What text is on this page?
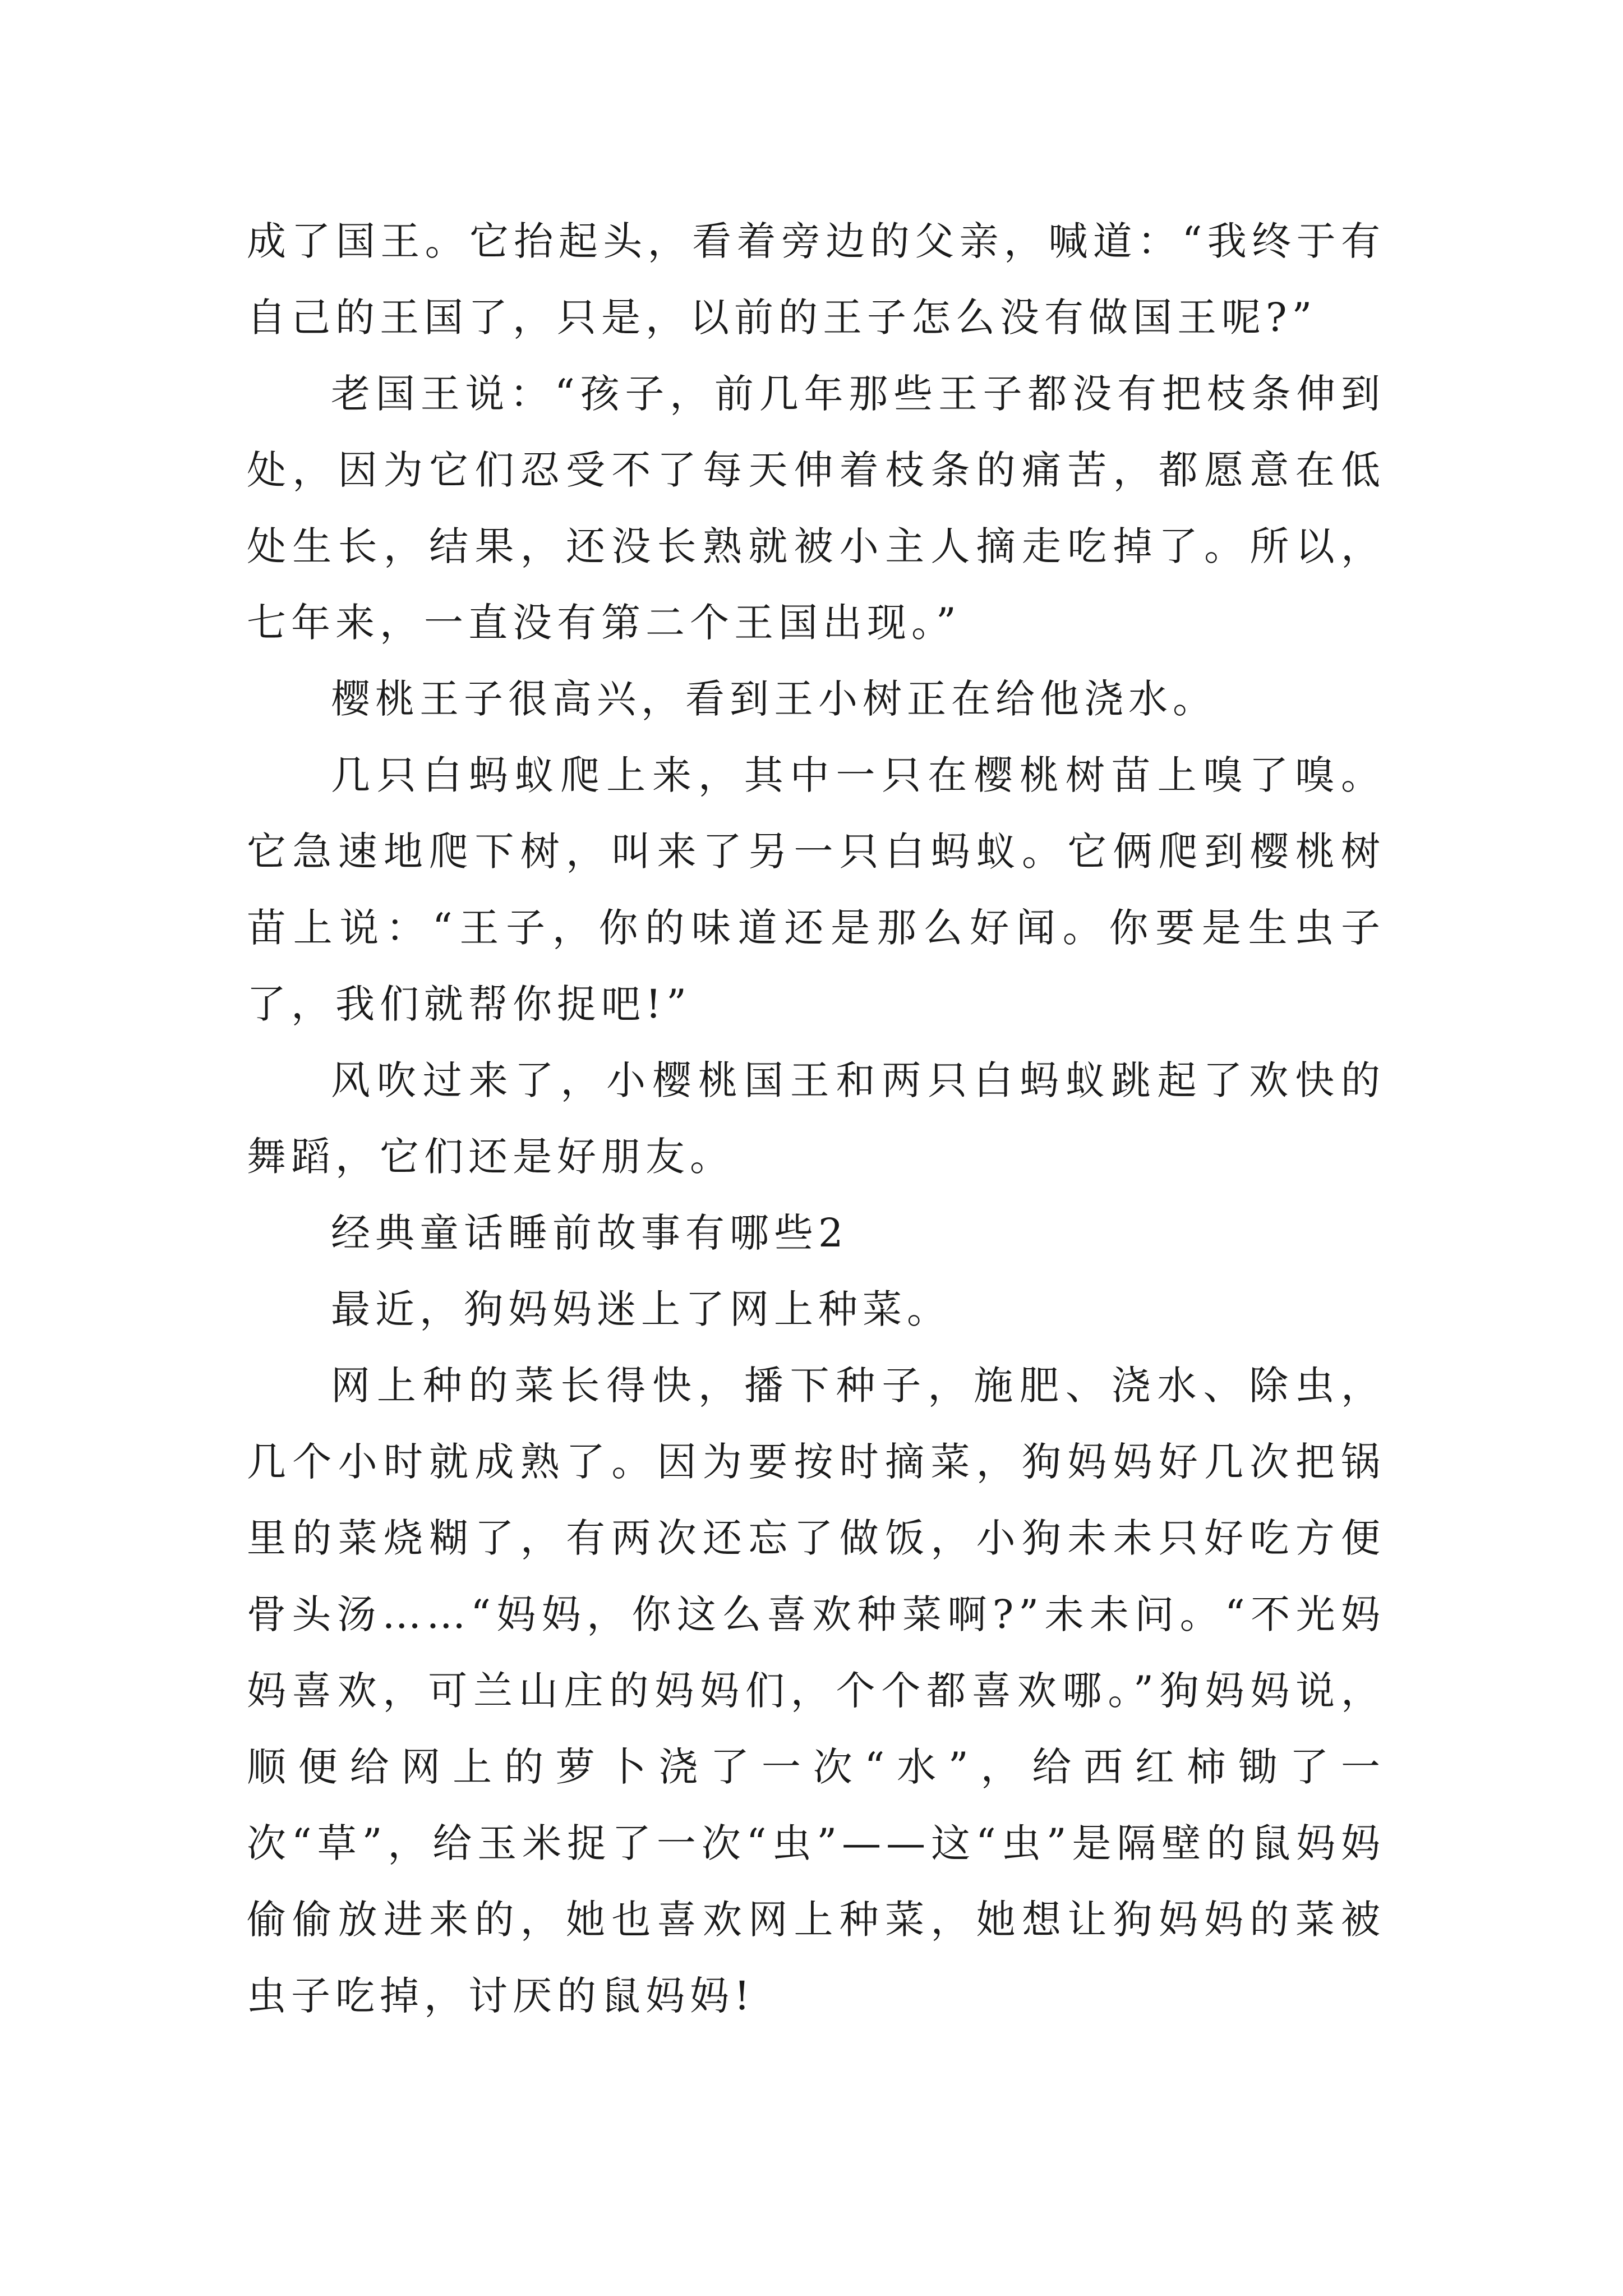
成了国王。它抬起头，看着旁边的父亲，喊道：“我终于有自己的王国了，只是，以前的王子怎么没有做国王呢?”

老国王说：“孩子，前几年那些王子都没有把枝条伸到处，因为它们忍受不了每天伸着枝条的痛苦，都愿意在低处生长，结果，还没长熟就被小主人摘走吃掉了。所以，七年来，一直没有第二个王国出现。”

樱桃王子很高兴，看到王小树正在给他浇水。

几只白蚂蚁爬上来，其中一只在樱桃树苗上嗅了嗅。它急速地爬下树，叫来了另一只白蚂蚁。它俩爬到樱桃树苗上说：“王子，你的味道还是那么好闻。你要是生虫子了，我们就帮你捉吧!”

风吹过来了，小樱桃国王和两只白蚂蚁跳起了欢快的舞蹈，它们还是好朋友。

经典童话睡前故事有哪些2

最近，狗妈妈迷上了网上种菜。

网上种的菜长得快，播下种子，施肥、浇水、除虫，几个小时就成熟了。因为要按时摘菜，狗妈妈好几次把锅里的菜烧糊了，有两次还忘了做饭，小狗未未只好吃方便骨头汤……“妈妈，你这么喜欢种菜啊?”未未问。“不光妈妈喜欢，可兰山庄的妈妈们，个个都喜欢哪。”狗妈妈说，顺便给网上的萝卜浇了一次“水”，给西红柿锄了一次“草”，给玉米捉了一次“虫”——这“虫”是隔壁的鼠妈妈偷偷放进来的，她也喜欢网上种菜，她想让狗妈妈的菜被虫子吃掉，讨厌的鼠妈妈!
